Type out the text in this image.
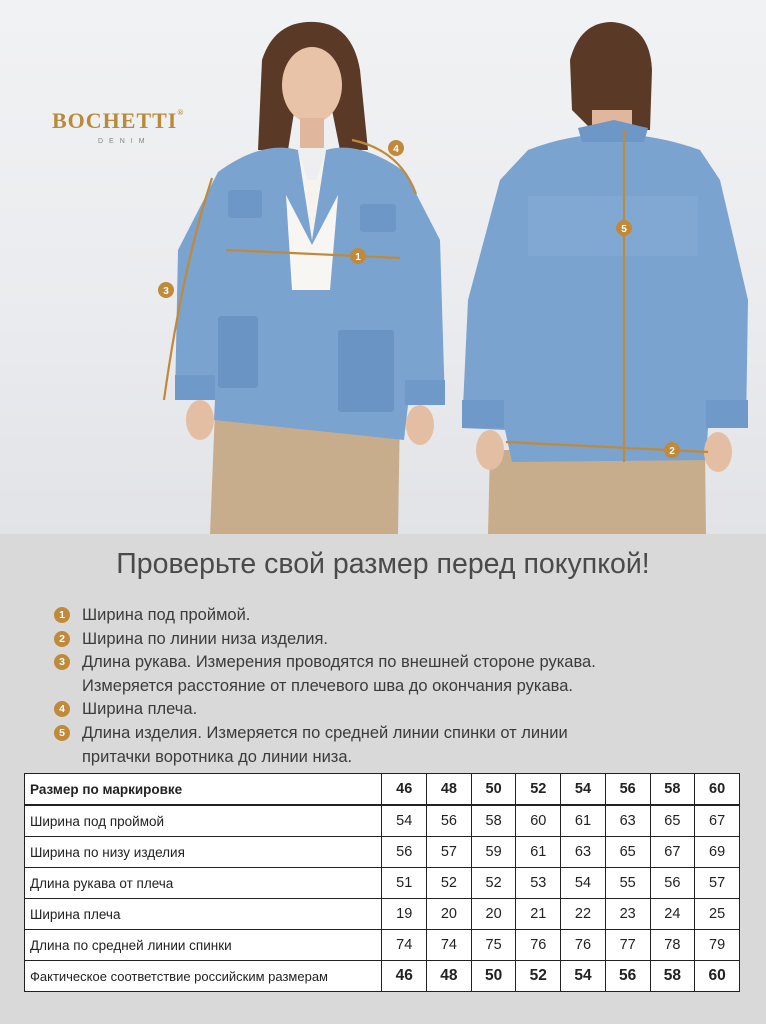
1
2
3
4
5
BOCHETTI®
DENIM
Проверьте свой размер перед покупкой!
1	Ширина под проймой.
2	Ширина по линии низа изделия.
3	Длина рукава. Измерения проводятся по внешней стороне рукава.
Измеряется расстояние от плечевого шва до окончания рукава.
4	Ширина плеча.
5	Длина изделия. Измеряется по средней линии спинки от линии
притачки воротника до линии низа.
Размер по маркировке	46	48	50	52	54	56	58	60
Ширина под проймой	54	56	58	60	61	63	65	67
Ширина по низу изделия	56	57	59	61	63	65	67	69
Длина рукава от плеча	51	52	52	53	54	55	56	57
Ширина плеча	19	20	20	21	22	23	24	25
Длина по средней линии спинки	74	74	75	76	76	77	78	79
Фактическое соответствие российским размерам	46	48	50	52	54	56	58	60
